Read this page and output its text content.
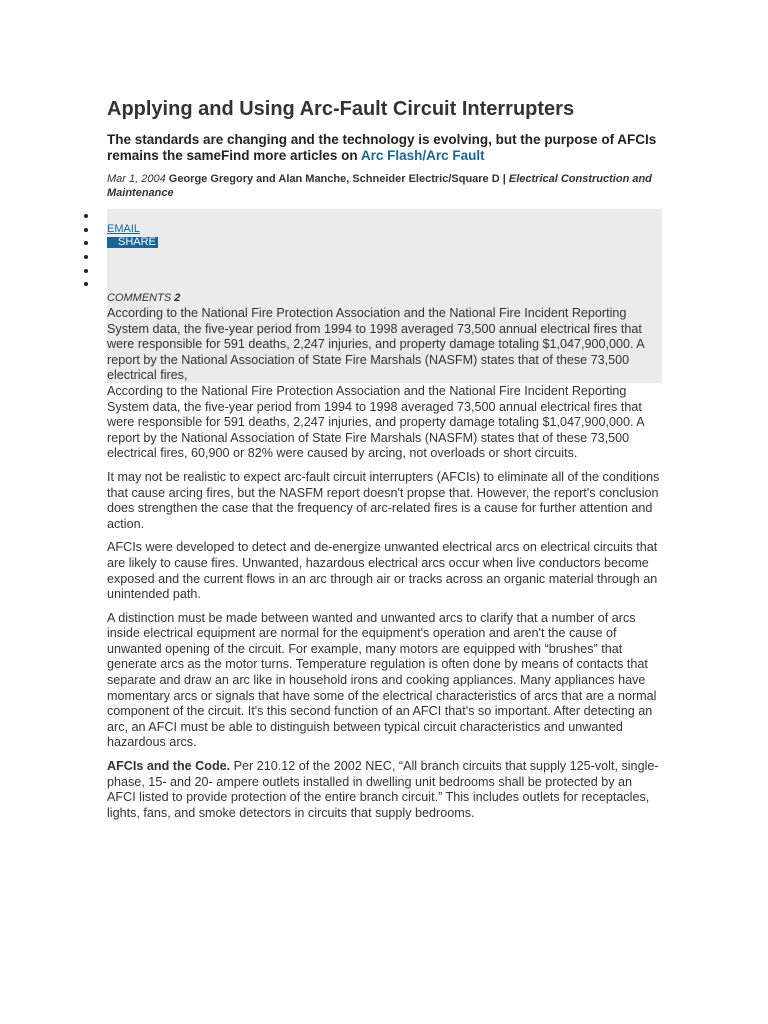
Applying and Using Arc-Fault Circuit Interrupters

The standards are changing and the technology is evolving, but the purpose of AFCIs remains the sameFind more articles on Arc Flash/Arc Fault

Mar 1, 2004 George Gregory and Alan Manche, Schneider Electric/Square D | Electrical Construction and Maintenance

EMAIL
SHARE
COMMENTS 2

According to the National Fire Protection Association and the National Fire Incident Reporting System data, the five-year period from 1994 to 1998 averaged 73,500 annual electrical fires that were responsible for 591 deaths, 2,247 injuries, and property damage totaling $1,047,900,000. A report by the National Association of State Fire Marshals (NASFM) states that of these 73,500 electrical fires,

According to the National Fire Protection Association and the National Fire Incident Reporting System data, the five-year period from 1994 to 1998 averaged 73,500 annual electrical fires that were responsible for 591 deaths, 2,247 injuries, and property damage totaling $1,047,900,000. A report by the National Association of State Fire Marshals (NASFM) states that of these 73,500 electrical fires, 60,900 or 82% were caused by arcing, not overloads or short circuits.

It may not be realistic to expect arc-fault circuit interrupters (AFCIs) to eliminate all of the conditions that cause arcing fires, but the NASFM report doesn't propse that. However, the report's conclusion does strengthen the case that the frequency of arc-related fires is a cause for further attention and action.

AFCIs were developed to detect and de-energize unwanted electrical arcs on electrical circuits that are likely to cause fires. Unwanted, hazardous electrical arcs occur when live conductors become exposed and the current flows in an arc through air or tracks across an organic material through an unintended path.

A distinction must be made between wanted and unwanted arcs to clarify that a number of arcs inside electrical equipment are normal for the equipment's operation and aren't the cause of unwanted opening of the circuit. For example, many motors are equipped with “brushes” that generate arcs as the motor turns. Temperature regulation is often done by means of contacts that separate and draw an arc like in household irons and cooking appliances. Many appliances have momentary arcs or signals that have some of the electrical characteristics of arcs that are a normal component of the circuit. It's this second function of an AFCI that's so important. After detecting an arc, an AFCI must be able to distinguish between typical circuit characteristics and unwanted hazardous arcs.

AFCIs and the Code. Per 210.12 of the 2002 NEC, “All branch circuits that supply 125-volt, single-phase, 15- and 20- ampere outlets installed in dwelling unit bedrooms shall be protected by an AFCI listed to provide protection of the entire branch circuit.” This includes outlets for receptacles, lights, fans, and smoke detectors in circuits that supply bedrooms.
